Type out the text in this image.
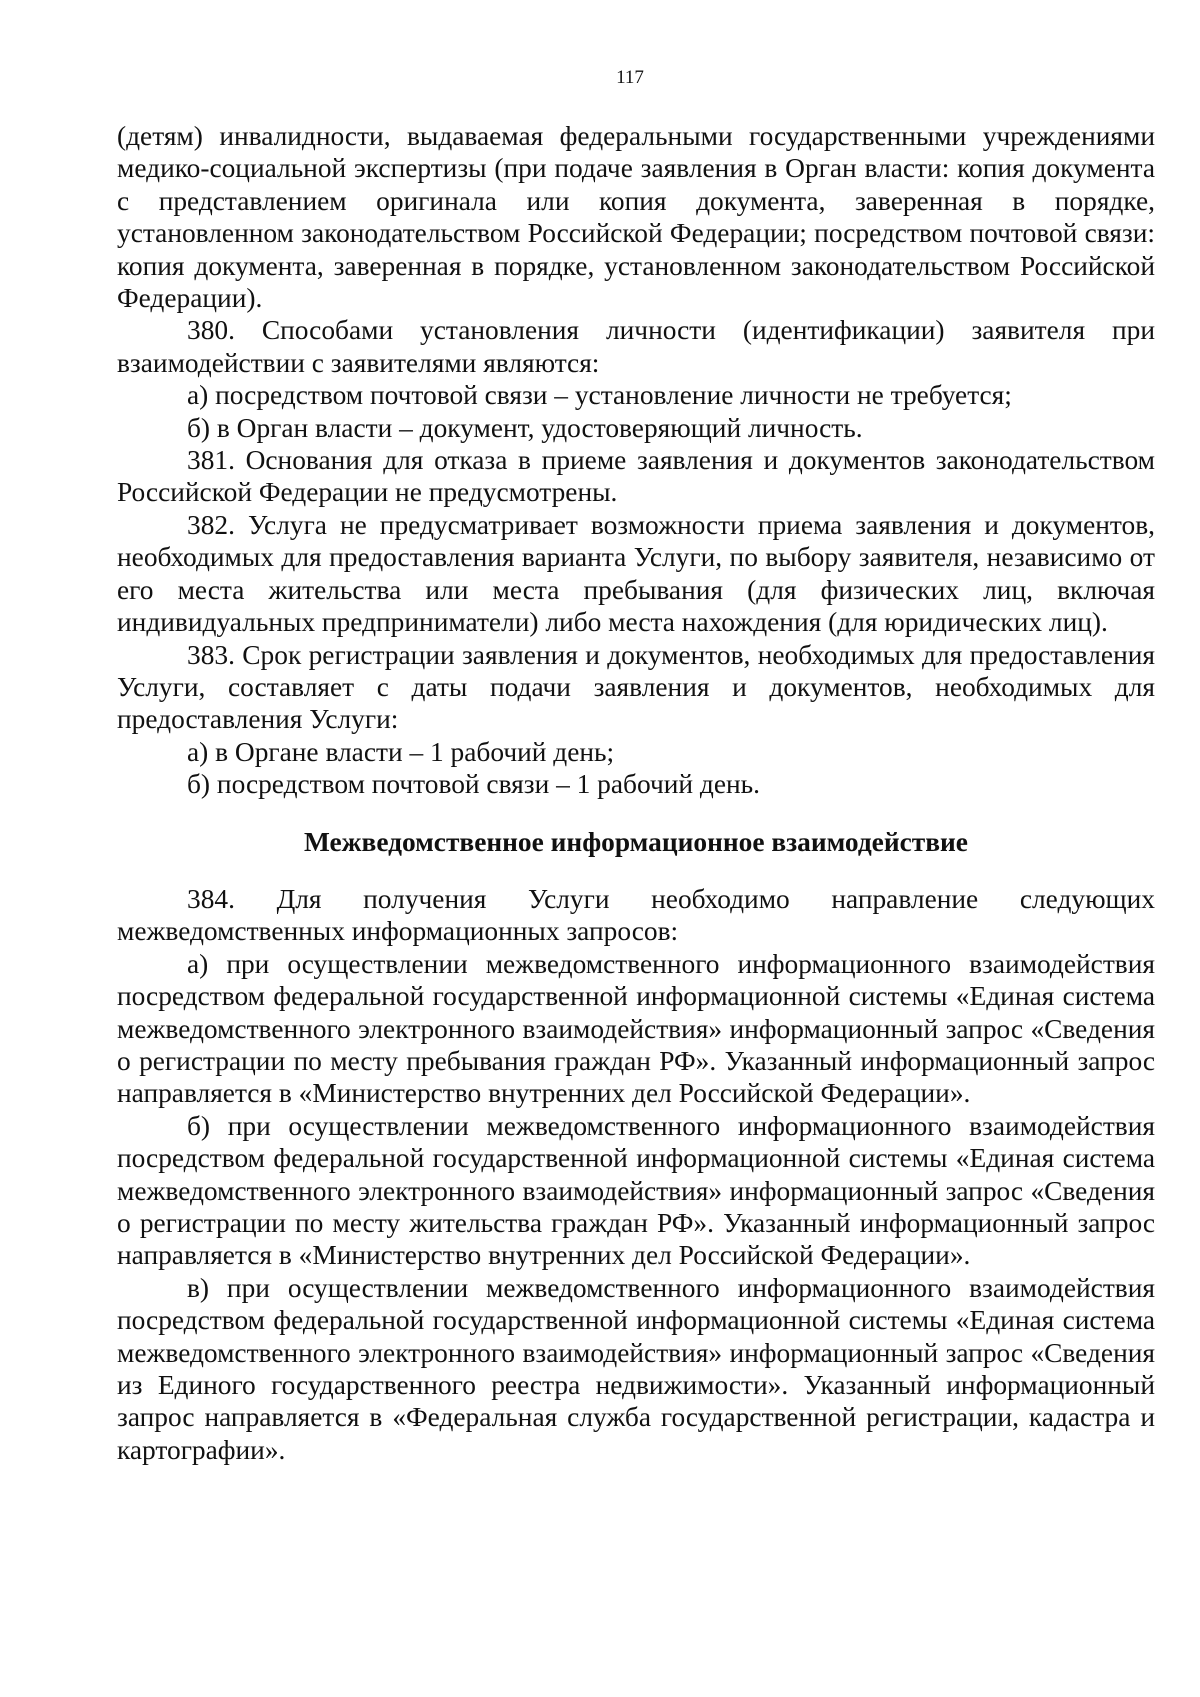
117

(детям) инвалидности, выдаваемая федеральными государственными учреждениями медико-социальной экспертизы (при подаче заявления в Орган власти: копия документа с представлением оригинала или копия документа, заверенная в порядке, установленном законодательством Российской Федерации; посредством почтовой связи: копия документа, заверенная в порядке, установленном законодательством Российской Федерации).

380. Способами установления личности (идентификации) заявителя при взаимодействии с заявителями являются:

а) посредством почтовой связи – установление личности не требуется;

б) в Орган власти – документ, удостоверяющий личность.

381. Основания для отказа в приеме заявления и документов законодательством Российской Федерации не предусмотрены.

382. Услуга не предусматривает возможности приема заявления и документов, необходимых для предоставления варианта Услуги, по выбору заявителя, независимо от его места жительства или места пребывания (для физических лиц, включая индивидуальных предприниматели) либо места нахождения (для юридических лиц).

383. Срок регистрации заявления и документов, необходимых для предоставления Услуги, составляет с даты подачи заявления и документов, необходимых для предоставления Услуги:

а) в Органе власти – 1 рабочий день;

б) посредством почтовой связи – 1 рабочий день.

Межведомственное информационное взаимодействие

384. Для получения Услуги необходимо направление следующих межведомственных информационных запросов:

а) при осуществлении межведомственного информационного взаимодействия посредством федеральной государственной информационной системы «Единая система межведомственного электронного взаимодействия» информационный запрос «Сведения о регистрации по месту пребывания граждан РФ». Указанный информационный запрос направляется в «Министерство внутренних дел Российской Федерации».

б) при осуществлении межведомственного информационного взаимодействия посредством федеральной государственной информационной системы «Единая система межведомственного электронного взаимодействия» информационный запрос «Сведения о регистрации по месту жительства граждан РФ». Указанный информационный запрос направляется в «Министерство внутренних дел Российской Федерации».

в) при осуществлении межведомственного информационного взаимодействия посредством федеральной государственной информационной системы «Единая система межведомственного электронного взаимодействия» информационный запрос «Сведения из Единого государственного реестра недвижимости». Указанный информационный запрос направляется в «Федеральная служба государственной регистрации, кадастра и картографии».
